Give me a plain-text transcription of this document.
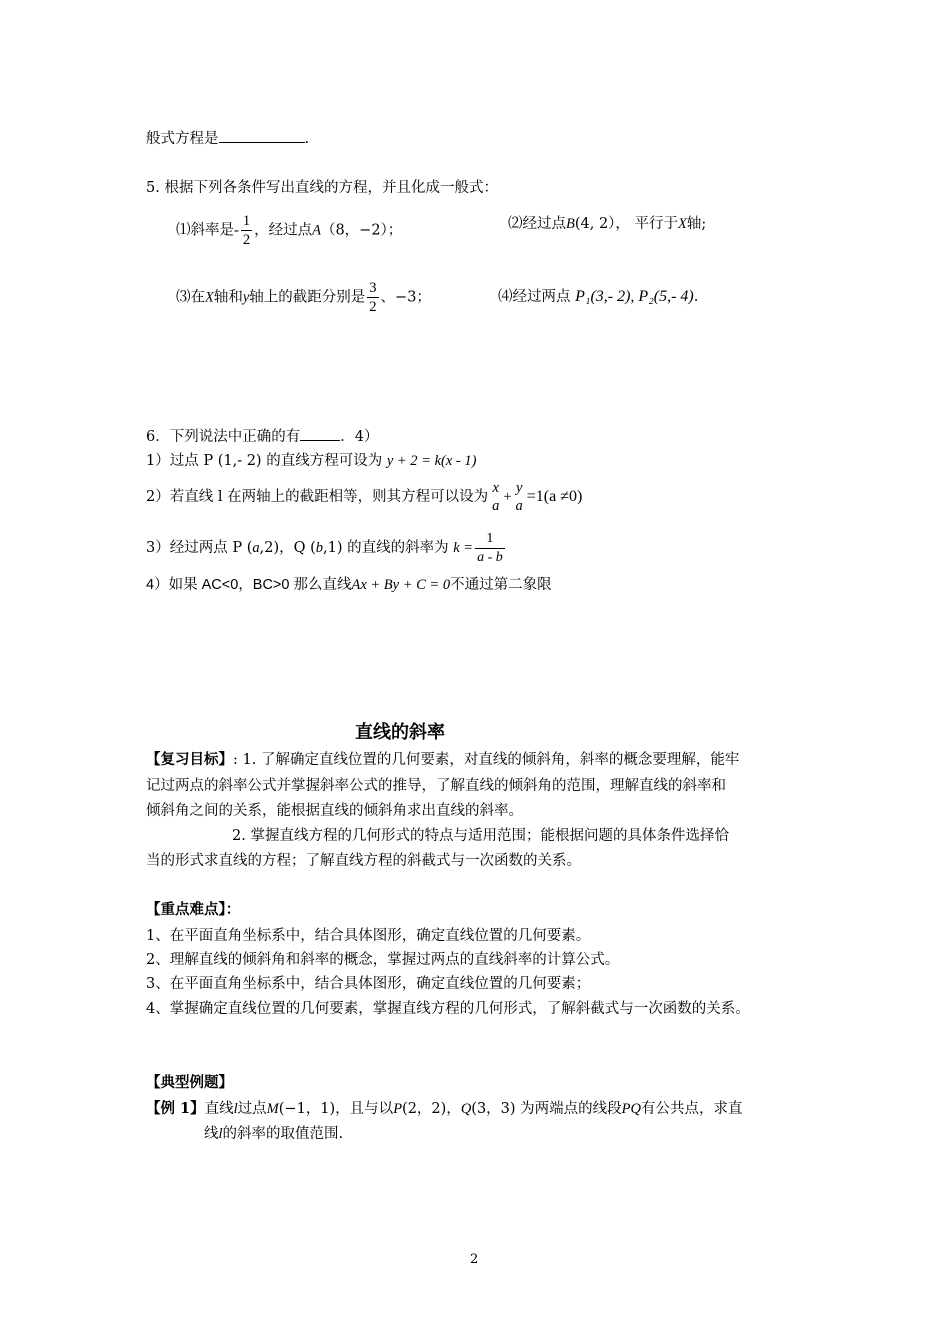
般式方程是	.
5. 根据下列各条件写出直线的方程，并且化成一般式：
⑴斜率是- $\frac{1}{2}$ ，经过点A（8，−2）；	⑵经过点B(4, 2）， 平行于X轴;
⑶在X轴和y轴上的截距分别是 $\frac{3}{2}$ 、−3；	⑷经过两点 P₁(3,- 2), P₂(5,- 4).
6．下列说法中正确的有	．4）
1）过点 P (1,- 2) 的直线方程可设为 y + 2 = k(x - 1)
2）若直线 l 在两轴上的截距相等，则其方程可以设为
x
a
+
y
a
=1(a ≠0)
3）经过两点 P (a,2)，Q (b,1) 的直线的斜率为 $k = \frac{1}{a - b}$
4）如果 AC<0，BC>0 那么直线Ax + By + C = 0不通过第二象限
直线的斜率
【复习目标】: 1. 了解确定直线位置的几何要素，对直线的倾斜角，斜率的概念要理解，能牢
记过两点的斜率公式并掌握斜率公式的推导，了解直线的倾斜角的范围，理解直线的斜率和
倾斜角之间的关系，能根据直线的倾斜角求出直线的斜率。
2. 掌握直线方程的几何形式的特点与适用范围；能根据问题的具体条件选择恰
当的形式求直线的方程；了解直线方程的斜截式与一次函数的关系。
【重点难点】：
1、在平面直角坐标系中，结合具体图形，确定直线位置的几何要素。
2、理解直线的倾斜角和斜率的概念，掌握过两点的直线斜率的计算公式。
3、在平面直角坐标系中，结合具体图形，确定直线位置的几何要素；
4、掌握确定直线位置的几何要素，掌握直线方程的几何形式，了解斜截式与一次函数的关系。
【典型例题】
【例 1】直线l过点M(−1，1)，且与以P(2，2)，Q(3，3) 为两端点的线段PQ有公共点，求直
线l的斜率的取值范围.
2
